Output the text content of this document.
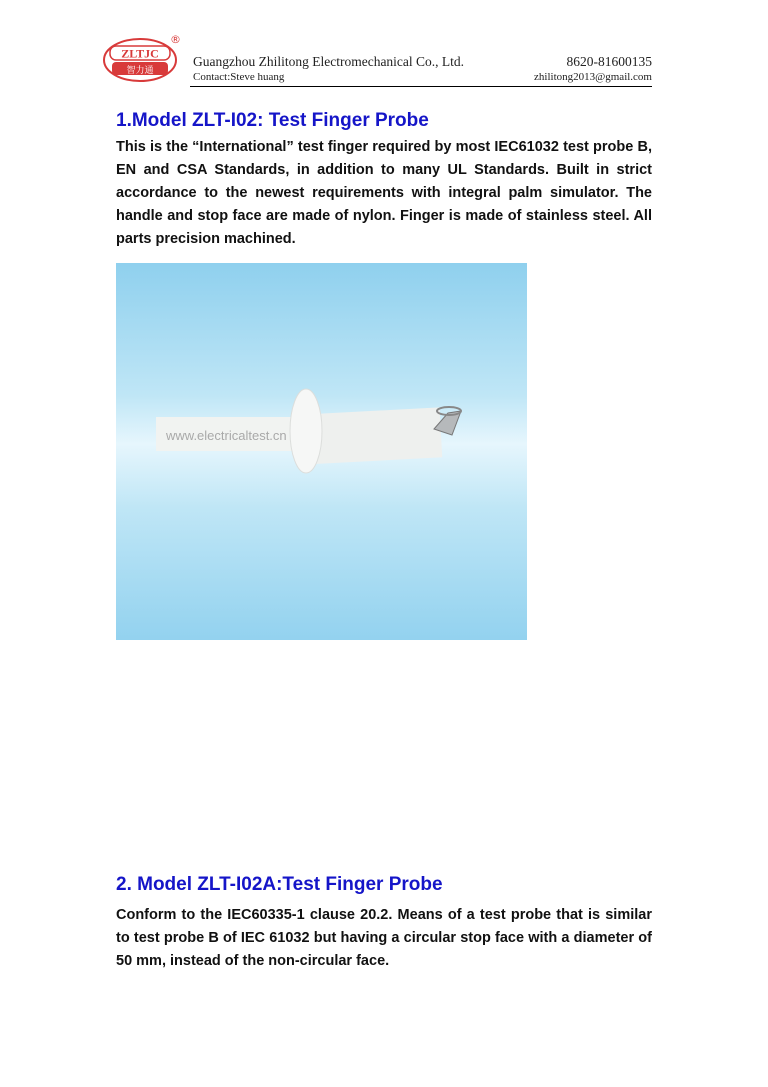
ZLTJC
智力通
®
Guangzhou Zhilitong Electromechanical Co., Ltd.
Contact:Steve huang
8620-81600135
zhilitong2013@gmail.com
1.Model ZLT-I02: Test Finger Probe

This is the “International” test finger required by most IEC61032 test probe B, EN and CSA Standards, in addition to many UL Standards. Built in strict accordance to the newest requirements with integral palm simulator. The handle and stop face are made of nylon. Finger is made of stainless steel. All parts precision machined.

www.electricaltest.cn
2. Model ZLT-I02A:Test Finger Probe

Conform to the IEC60335-1 clause 20.2. Means of a test probe that is similar to test probe B of IEC 61032 but having a circular stop face with a diameter of 50 mm, instead of the non-circular face.
